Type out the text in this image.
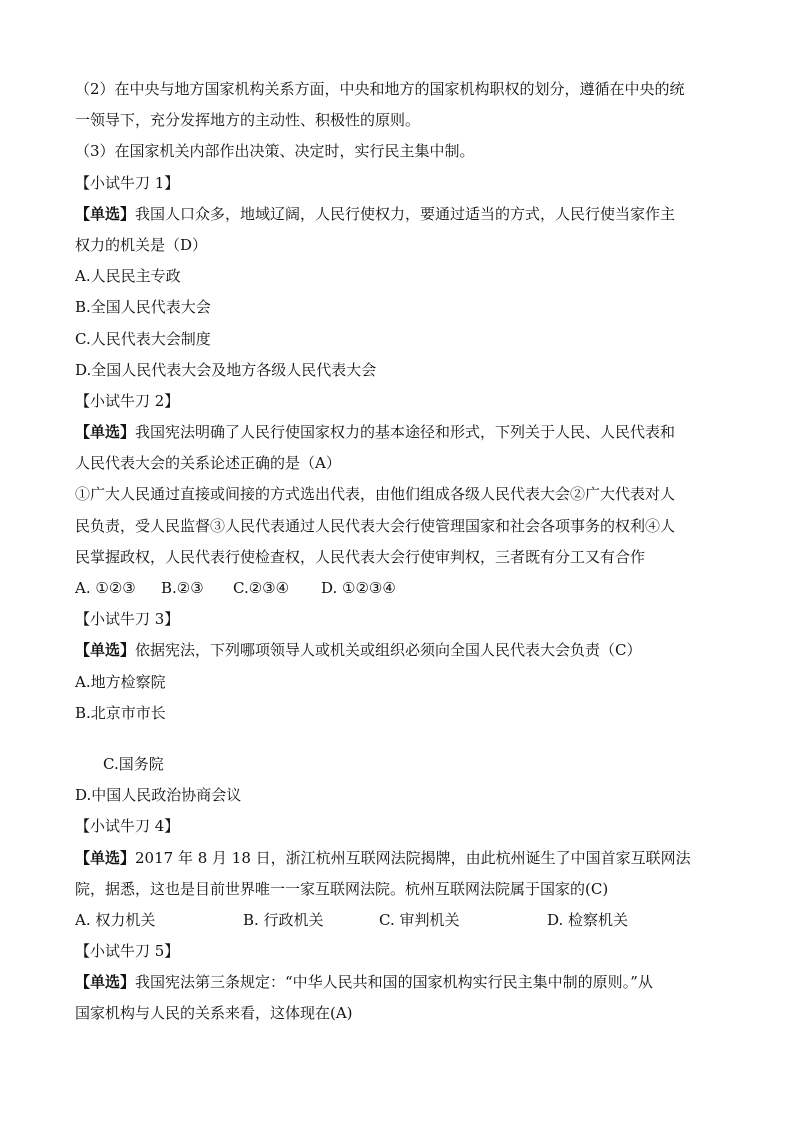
（2）在中央与地方国家机构关系方面，中央和地方的国家机构职权的划分，遵循在中央的统
一领导下，充分发挥地方的主动性、积极性的原则。
（3）在国家机关内部作出决策、决定时，实行民主集中制。
【小试牛刀 1】
【单选】我国人口众多，地域辽阔，人民行使权力，要通过适当的方式，人民行使当家作主
权力的机关是（D）
A.人民民主专政
B.全国人民代表大会
C.人民代表大会制度
D.全国人民代表大会及地方各级人民代表大会
【小试牛刀 2】
【单选】我国宪法明确了人民行使国家权力的基本途径和形式，下列关于人民、人民代表和
人民代表大会的关系论述正确的是（A）
①广大人民通过直接或间接的方式选出代表，由他们组成各级人民代表大会②广大代表对人
民负责，受人民监督③人民代表通过人民代表大会行使管理国家和社会各项事务的权利④人
民掌握政权，人民代表行使检查权，人民代表大会行使审判权，三者既有分工又有合作
A. ①②③ B.②③ C.②③④ D. ①②③④
【小试牛刀 3】
【单选】依据宪法，下列哪项领导人或机关或组织必须向全国人民代表大会负责（C）
A.地方检察院
B.北京市市长
C.国务院
D.中国人民政治协商会议
【小试牛刀 4】
【单选】2017 年 8 月 18 日，浙江杭州互联网法院揭牌，由此杭州诞生了中国首家互联网法
院，据悉，这也是目前世界唯一一家互联网法院。杭州互联网法院属于国家的(C)
A. 权力机关	B. 行政机关	C. 审判机关	D. 检察机关
【小试牛刀 5】
【单选】我国宪法第三条规定：“中华人民共和国的国家机构实行民主集中制的原则。”从
国家机构与人民的关系来看，这体现在(A)
